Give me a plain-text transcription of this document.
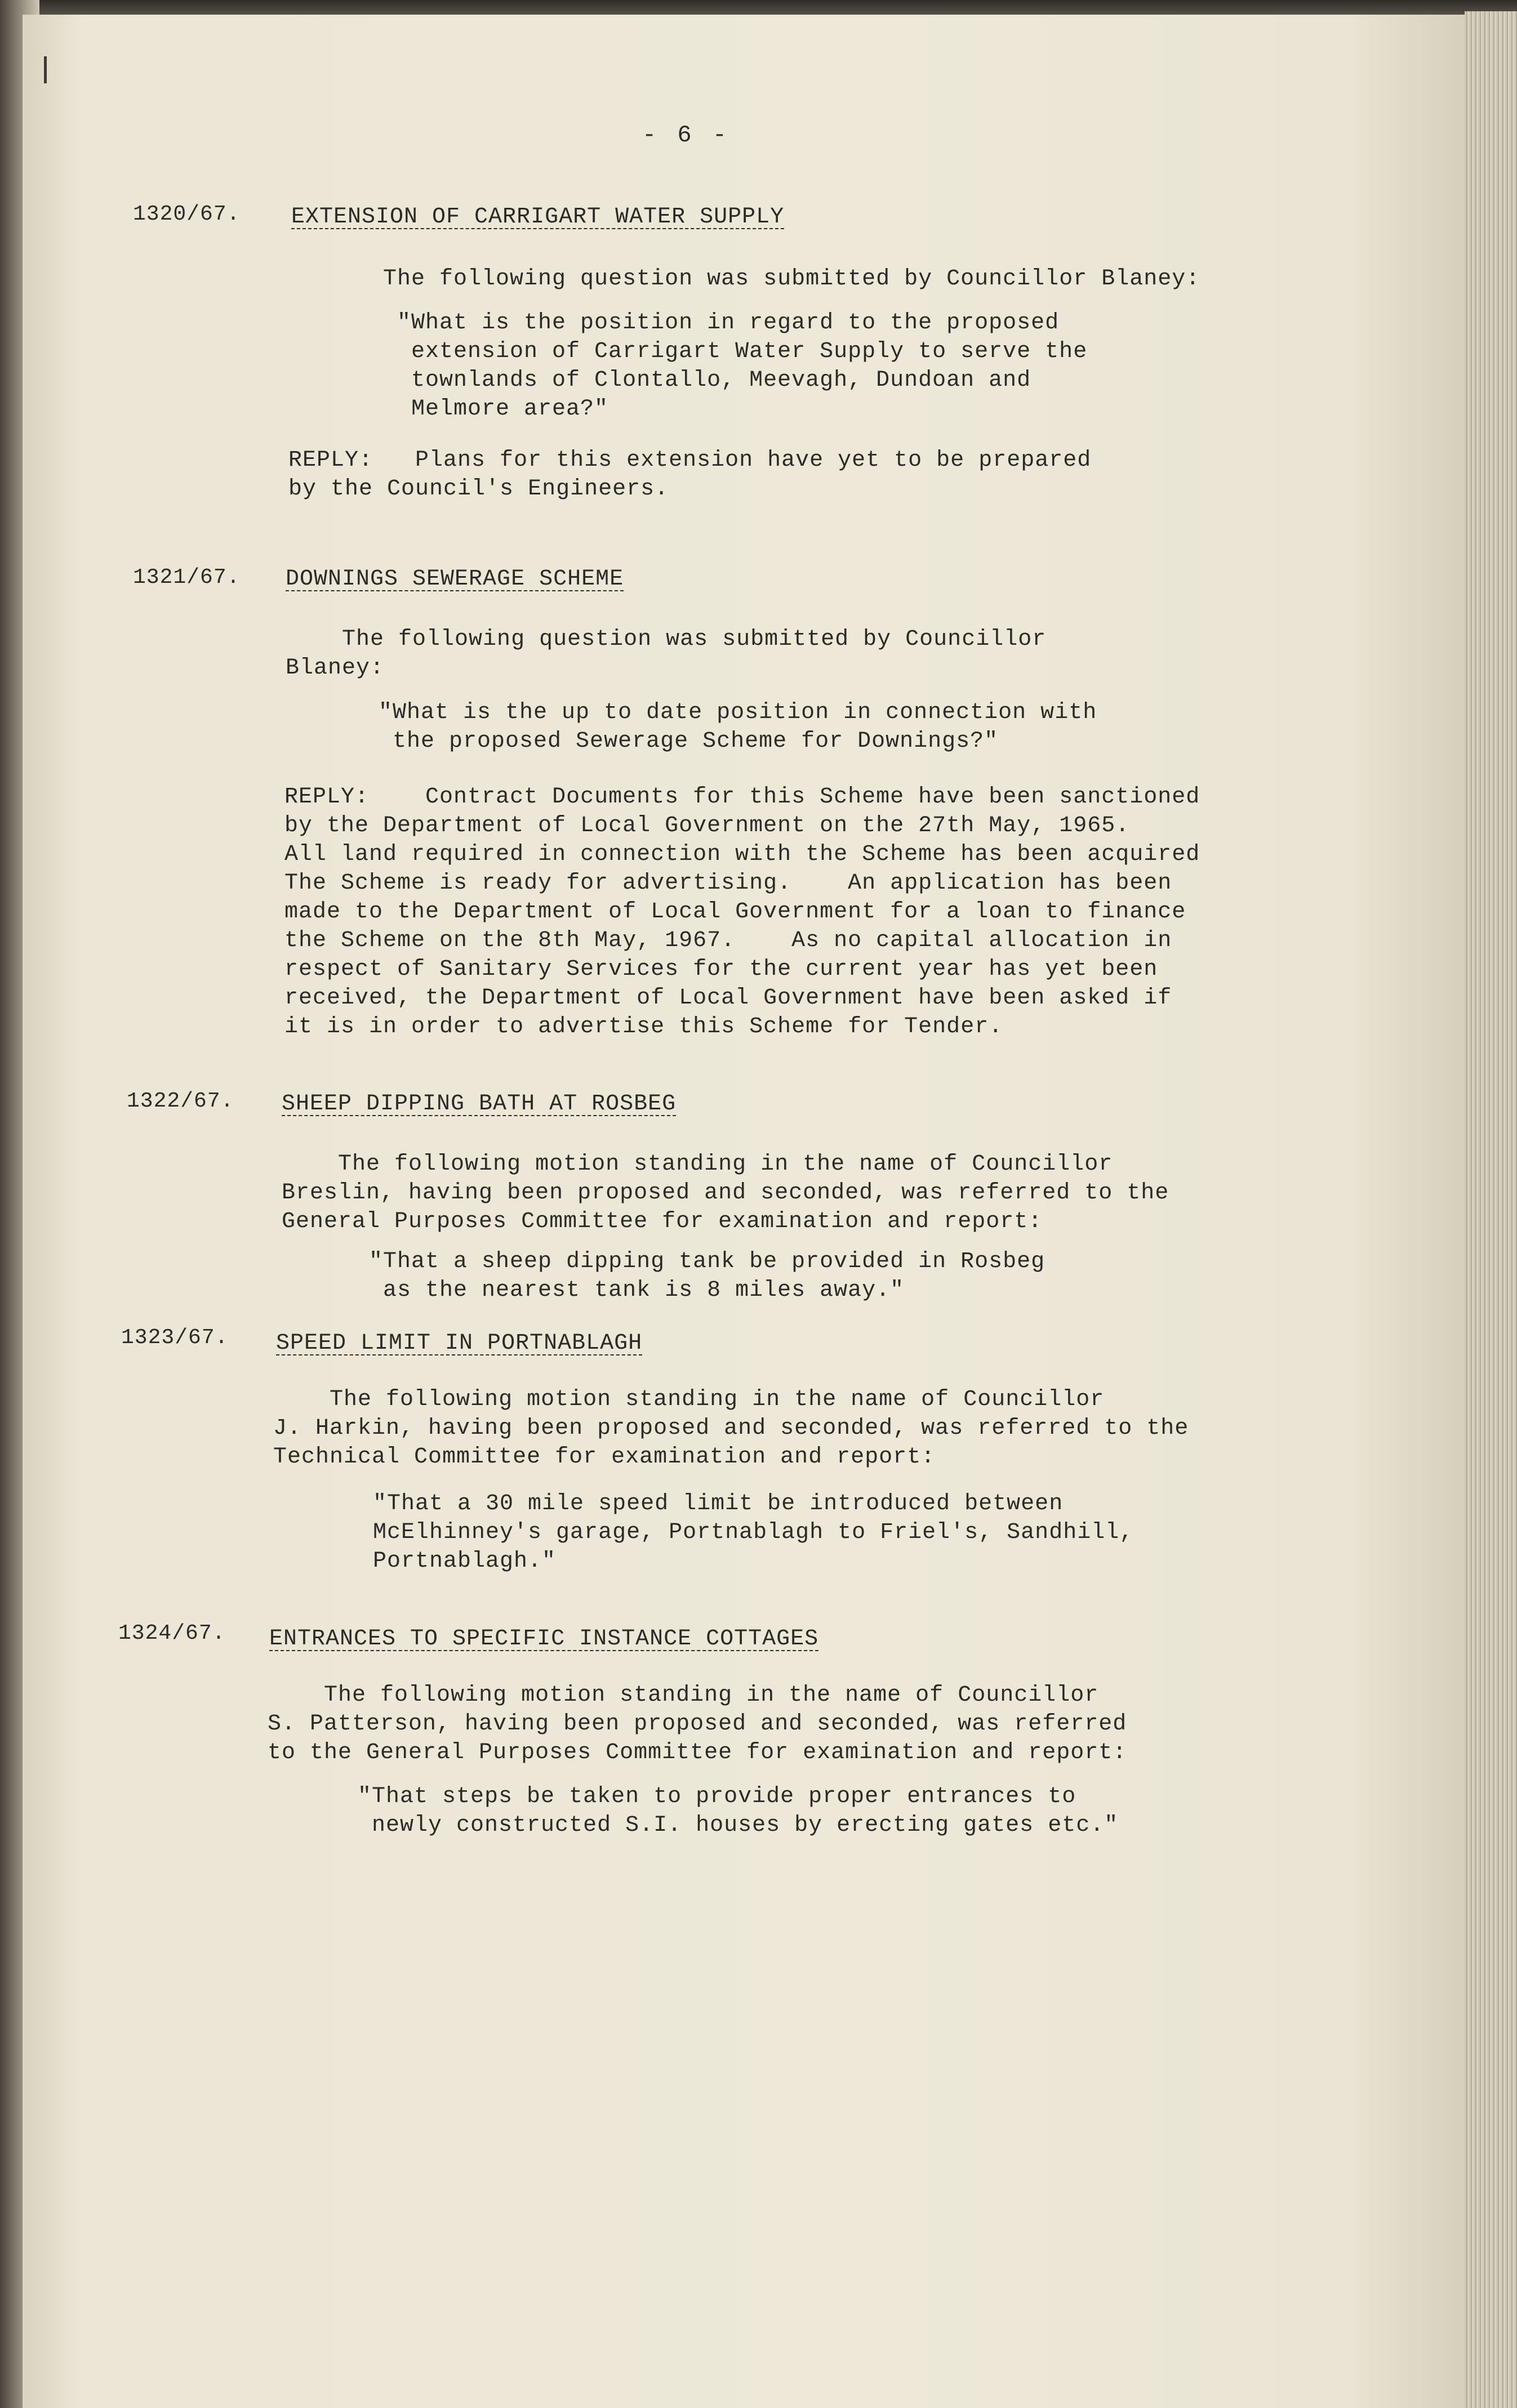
- 6 -
1320/67. EXTENSION OF CARRIGART WATER SUPPLY
The following question was submitted by Councillor Blaney:
"What is the position in regard to the proposed
extension of Carrigart Water Supply to serve the
townlands of Clontallo, Meevagh, Dundoan and
Melmore area?"
REPLY:   Plans for this extension have yet to be prepared
by the Council's Engineers.
1321/67. DOWNINGS SEWERAGE SCHEME
The following question was submitted by Councillor
Blaney:
"What is the up to date position in connection with
the proposed Sewerage Scheme for Downings?"
REPLY:    Contract Documents for this Scheme have been sanctioned
by the Department of Local Government on the 27th May, 1965.
All land required in connection with the Scheme has been acquired
The Scheme is ready for advertising.    An application has been
made to the Department of Local Government for a loan to finance
the Scheme on the 8th May, 1967.    As no capital allocation in
respect of Sanitary Services for the current year has yet been
received, the Department of Local Government have been asked if
it is in order to advertise this Scheme for Tender.
1322/67. SHEEP DIPPING BATH AT ROSBEG
The following motion standing in the name of Councillor
Breslin, having been proposed and seconded, was referred to the
General Purposes Committee for examination and report:
"That a sheep dipping tank be provided in Rosbeg
as the nearest tank is 8 miles away."
1323/67. SPEED LIMIT IN PORTNABLAGH
The following motion standing in the name of Councillor
J. Harkin, having been proposed and seconded, was referred to the
Technical Committee for examination and report:
"That a 30 mile speed limit be introduced between
McElhinney's garage, Portnablagh to Friel's, Sandhill,
Portnablagh."
1324/67. ENTRANCES TO SPECIFIC INSTANCE COTTAGES
The following motion standing in the name of Councillor
S. Patterson, having been proposed and seconded, was referred
to the General Purposes Committee for examination and report:
"That steps be taken to provide proper entrances to
newly constructed S.I. houses by erecting gates etc."
